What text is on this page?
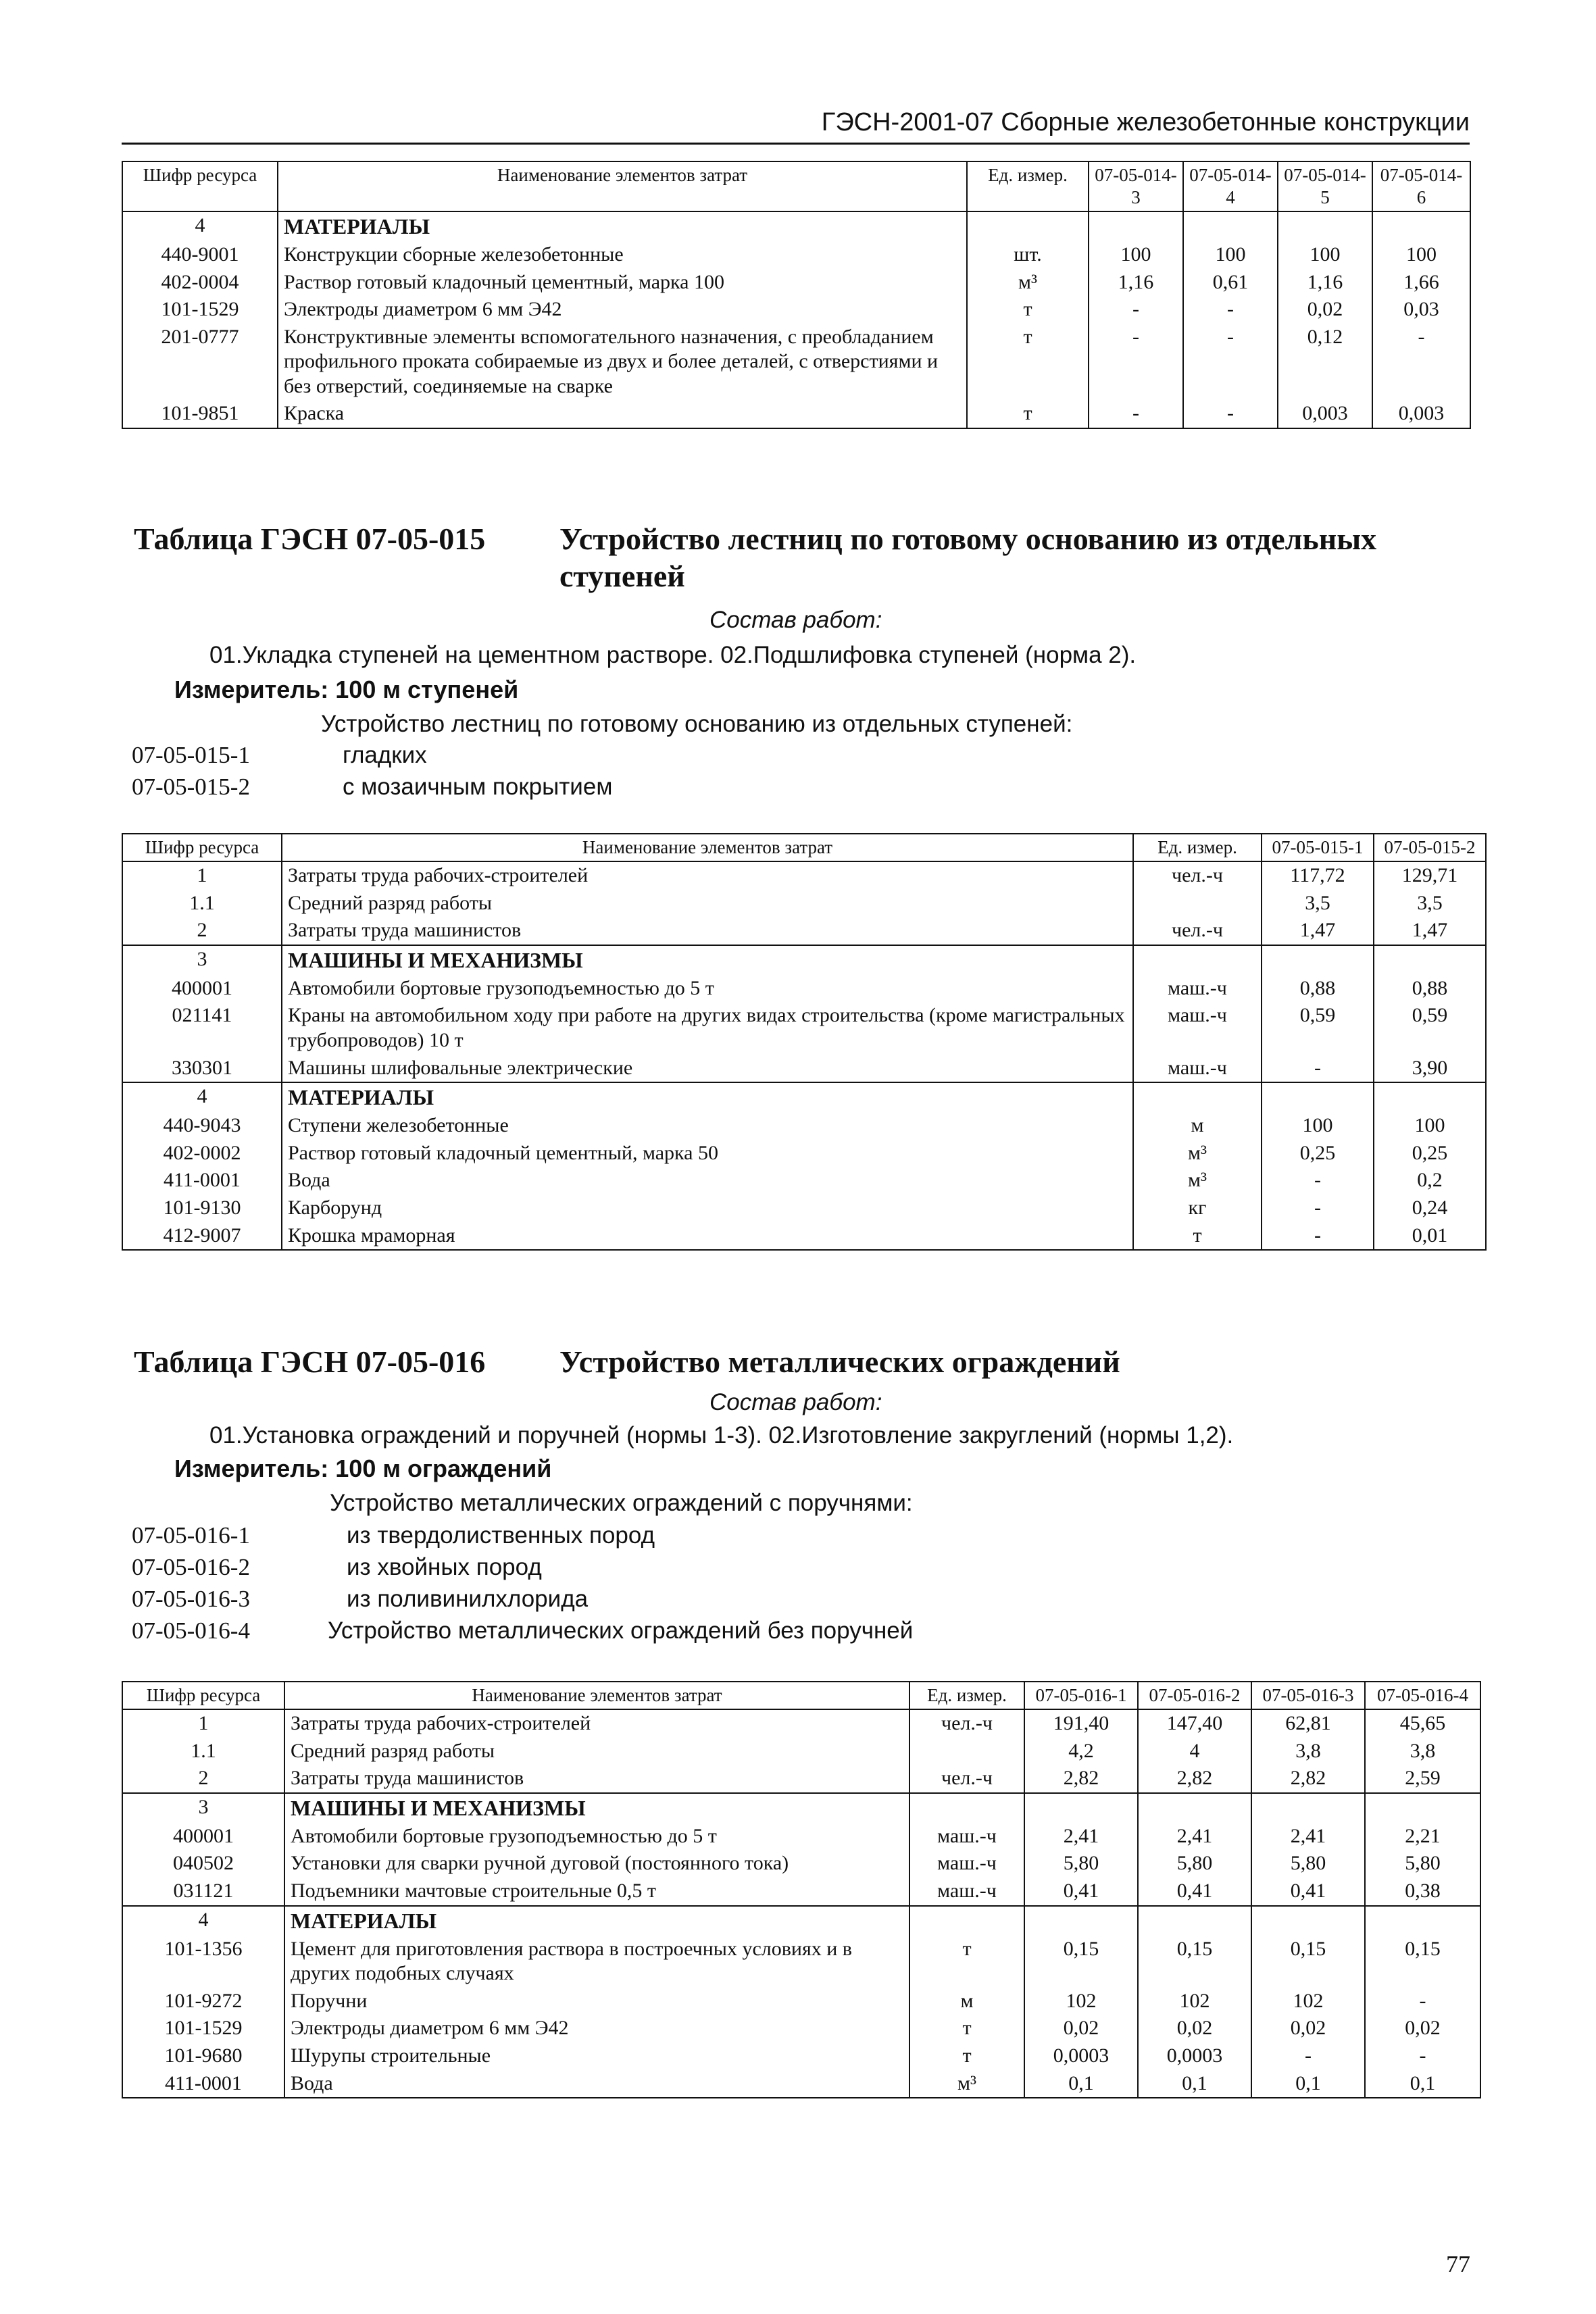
ГЭСН-2001-07 Сборные железобетонные конструкции
Шифр ресурса	Наименование элементов затрат	Ед. измер.	07-05-014-3	07-05-014-4	07-05-014-5	07-05-014-6
4	МАТЕРИАЛЫ					
440-9001	Конструкции сборные железобетонные	шт.	100	100	100	100
402-0004	Раствор готовый кладочный цементный, марка 100	м³	1,16	0,61	1,16	1,66
101-1529	Электроды диаметром 6 мм Э42	т	-	-	0,02	0,03
201-0777	Конструктивные элементы вспомогательного назначения, с преобладанием профильного проката собираемые из двух и более деталей, с отверстиями и без отверстий, соединяемые на сварке	т	-	-	0,12	-
101-9851	Краска	т	-	-	0,003	0,003
Таблица ГЭСН 07-05-015 Устройство лестниц по готовому основанию из отдельных ступеней
Состав работ:
01.Укладка ступеней на цементном растворе. 02.Подшлифовка ступеней (норма 2).
Измеритель: 100 м ступеней
Устройство лестниц по готовому основанию из отдельных ступеней:
07-05-015-1	гладких
07-05-015-2	с мозаичным покрытием
Шифр ресурса	Наименование элементов затрат	Ед. измер.	07-05-015-1	07-05-015-2
1	Затраты труда рабочих-строителей	чел.-ч	117,72	129,71
1.1	Средний разряд работы		3,5	3,5
2	Затраты труда машинистов	чел.-ч	1,47	1,47
3	МАШИНЫ И МЕХАНИЗМЫ			
400001	Автомобили бортовые грузоподъемностью до 5 т	маш.-ч	0,88	0,88
021141	Краны на автомобильном ходу при работе на других видах строительства (кроме магистральных трубопроводов) 10 т	маш.-ч	0,59	0,59
330301	Машины шлифовальные электрические	маш.-ч	-	3,90
4	МАТЕРИАЛЫ			
440-9043	Ступени железобетонные	м	100	100
402-0002	Раствор готовый кладочный цементный, марка 50	м³	0,25	0,25
411-0001	Вода	м³	-	0,2
101-9130	Карборунд	кг	-	0,24
412-9007	Крошка мраморная	т	-	0,01
Таблица ГЭСН 07-05-016 Устройство металлических ограждений
Состав работ:
01.Установка ограждений и поручней (нормы 1-3). 02.Изготовление закруглений (нормы 1,2).
Измеритель: 100 м ограждений
Устройство металлических ограждений с поручнями:
07-05-016-1	из твердолиственных пород
07-05-016-2	из хвойных пород
07-05-016-3	из поливинилхлорида
07-05-016-4	Устройство металлических ограждений без поручней
Шифр ресурса	Наименование элементов затрат	Ед. измер.	07-05-016-1	07-05-016-2	07-05-016-3	07-05-016-4
1	Затраты труда рабочих-строителей	чел.-ч	191,40	147,40	62,81	45,65
1.1	Средний разряд работы		4,2	4	3,8	3,8
2	Затраты труда машинистов	чел.-ч	2,82	2,82	2,82	2,59
3	МАШИНЫ И МЕХАНИЗМЫ					
400001	Автомобили бортовые грузоподъемностью до 5 т	маш.-ч	2,41	2,41	2,41	2,21
040502	Установки для сварки ручной дуговой (постоянного тока)	маш.-ч	5,80	5,80	5,80	5,80
031121	Подъемники мачтовые строительные 0,5 т	маш.-ч	0,41	0,41	0,41	0,38
4	МАТЕРИАЛЫ					
101-1356	Цемент для приготовления раствора в построечных условиях и в других подобных случаях	т	0,15	0,15	0,15	0,15
101-9272	Поручни	м	102	102	102	-
101-1529	Электроды диаметром 6 мм Э42	т	0,02	0,02	0,02	0,02
101-9680	Шурупы строительные	т	0,0003	0,0003	-	-
411-0001	Вода	м³	0,1	0,1	0,1	0,1
77
